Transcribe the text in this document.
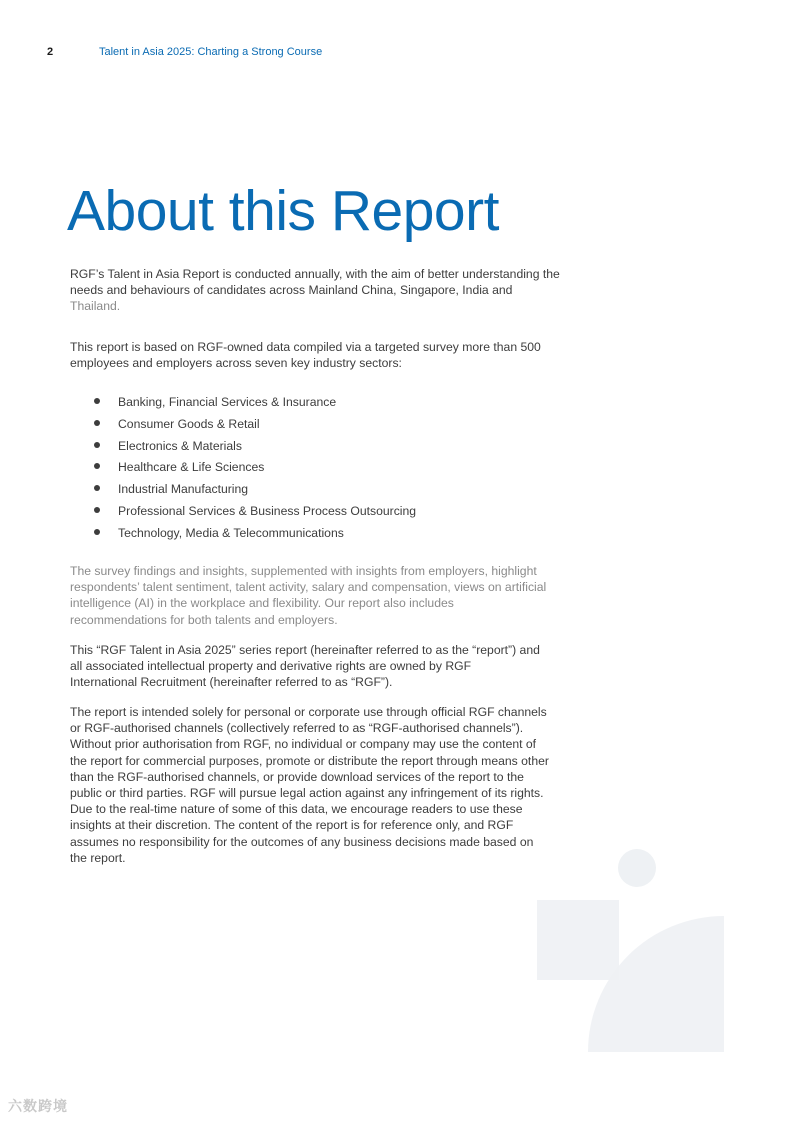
2	Talent in Asia 2025: Charting a Strong Course
About this Report

RGF’s Talent in Asia Report is conducted annually, with the aim of better understanding the needs and behaviours of candidates across Mainland China, Singapore, India and Thailand.

This report is based on RGF-owned data compiled via a targeted survey more than 500 employees and employers across seven key industry sectors:

Banking, Financial Services & Insurance
Consumer Goods & Retail
Electronics & Materials
Healthcare & Life Sciences
Industrial Manufacturing
Professional Services & Business Process Outsourcing
Technology, Media & Telecommunications

The survey findings and insights, supplemented with insights from employers, highlight respondents’ talent sentiment, talent activity, salary and compensation, views on artificial intelligence (AI) in the workplace and flexibility. Our report also includes recommendations for both talents and employers.

This “RGF Talent in Asia 2025” series report (hereinafter referred to as the “report”) and all associated intellectual property and derivative rights are owned by RGF International Recruitment (hereinafter referred to as “RGF”).

The report is intended solely for personal or corporate use through official RGF channels or RGF-authorised channels (collectively referred to as “RGF-authorised channels”). Without prior authorisation from RGF, no individual or company may use the content of the report for commercial purposes, promote or distribute the report through means other than the RGF-authorised channels, or provide download services of the report to the public or third parties. RGF will pursue legal action against any infringement of its rights. Due to the real-time nature of some of this data, we encourage readers to use these insights at their discretion. The content of the report is for reference only, and RGF assumes no responsibility for the outcomes of any business decisions made based on the report.

六数跨境
